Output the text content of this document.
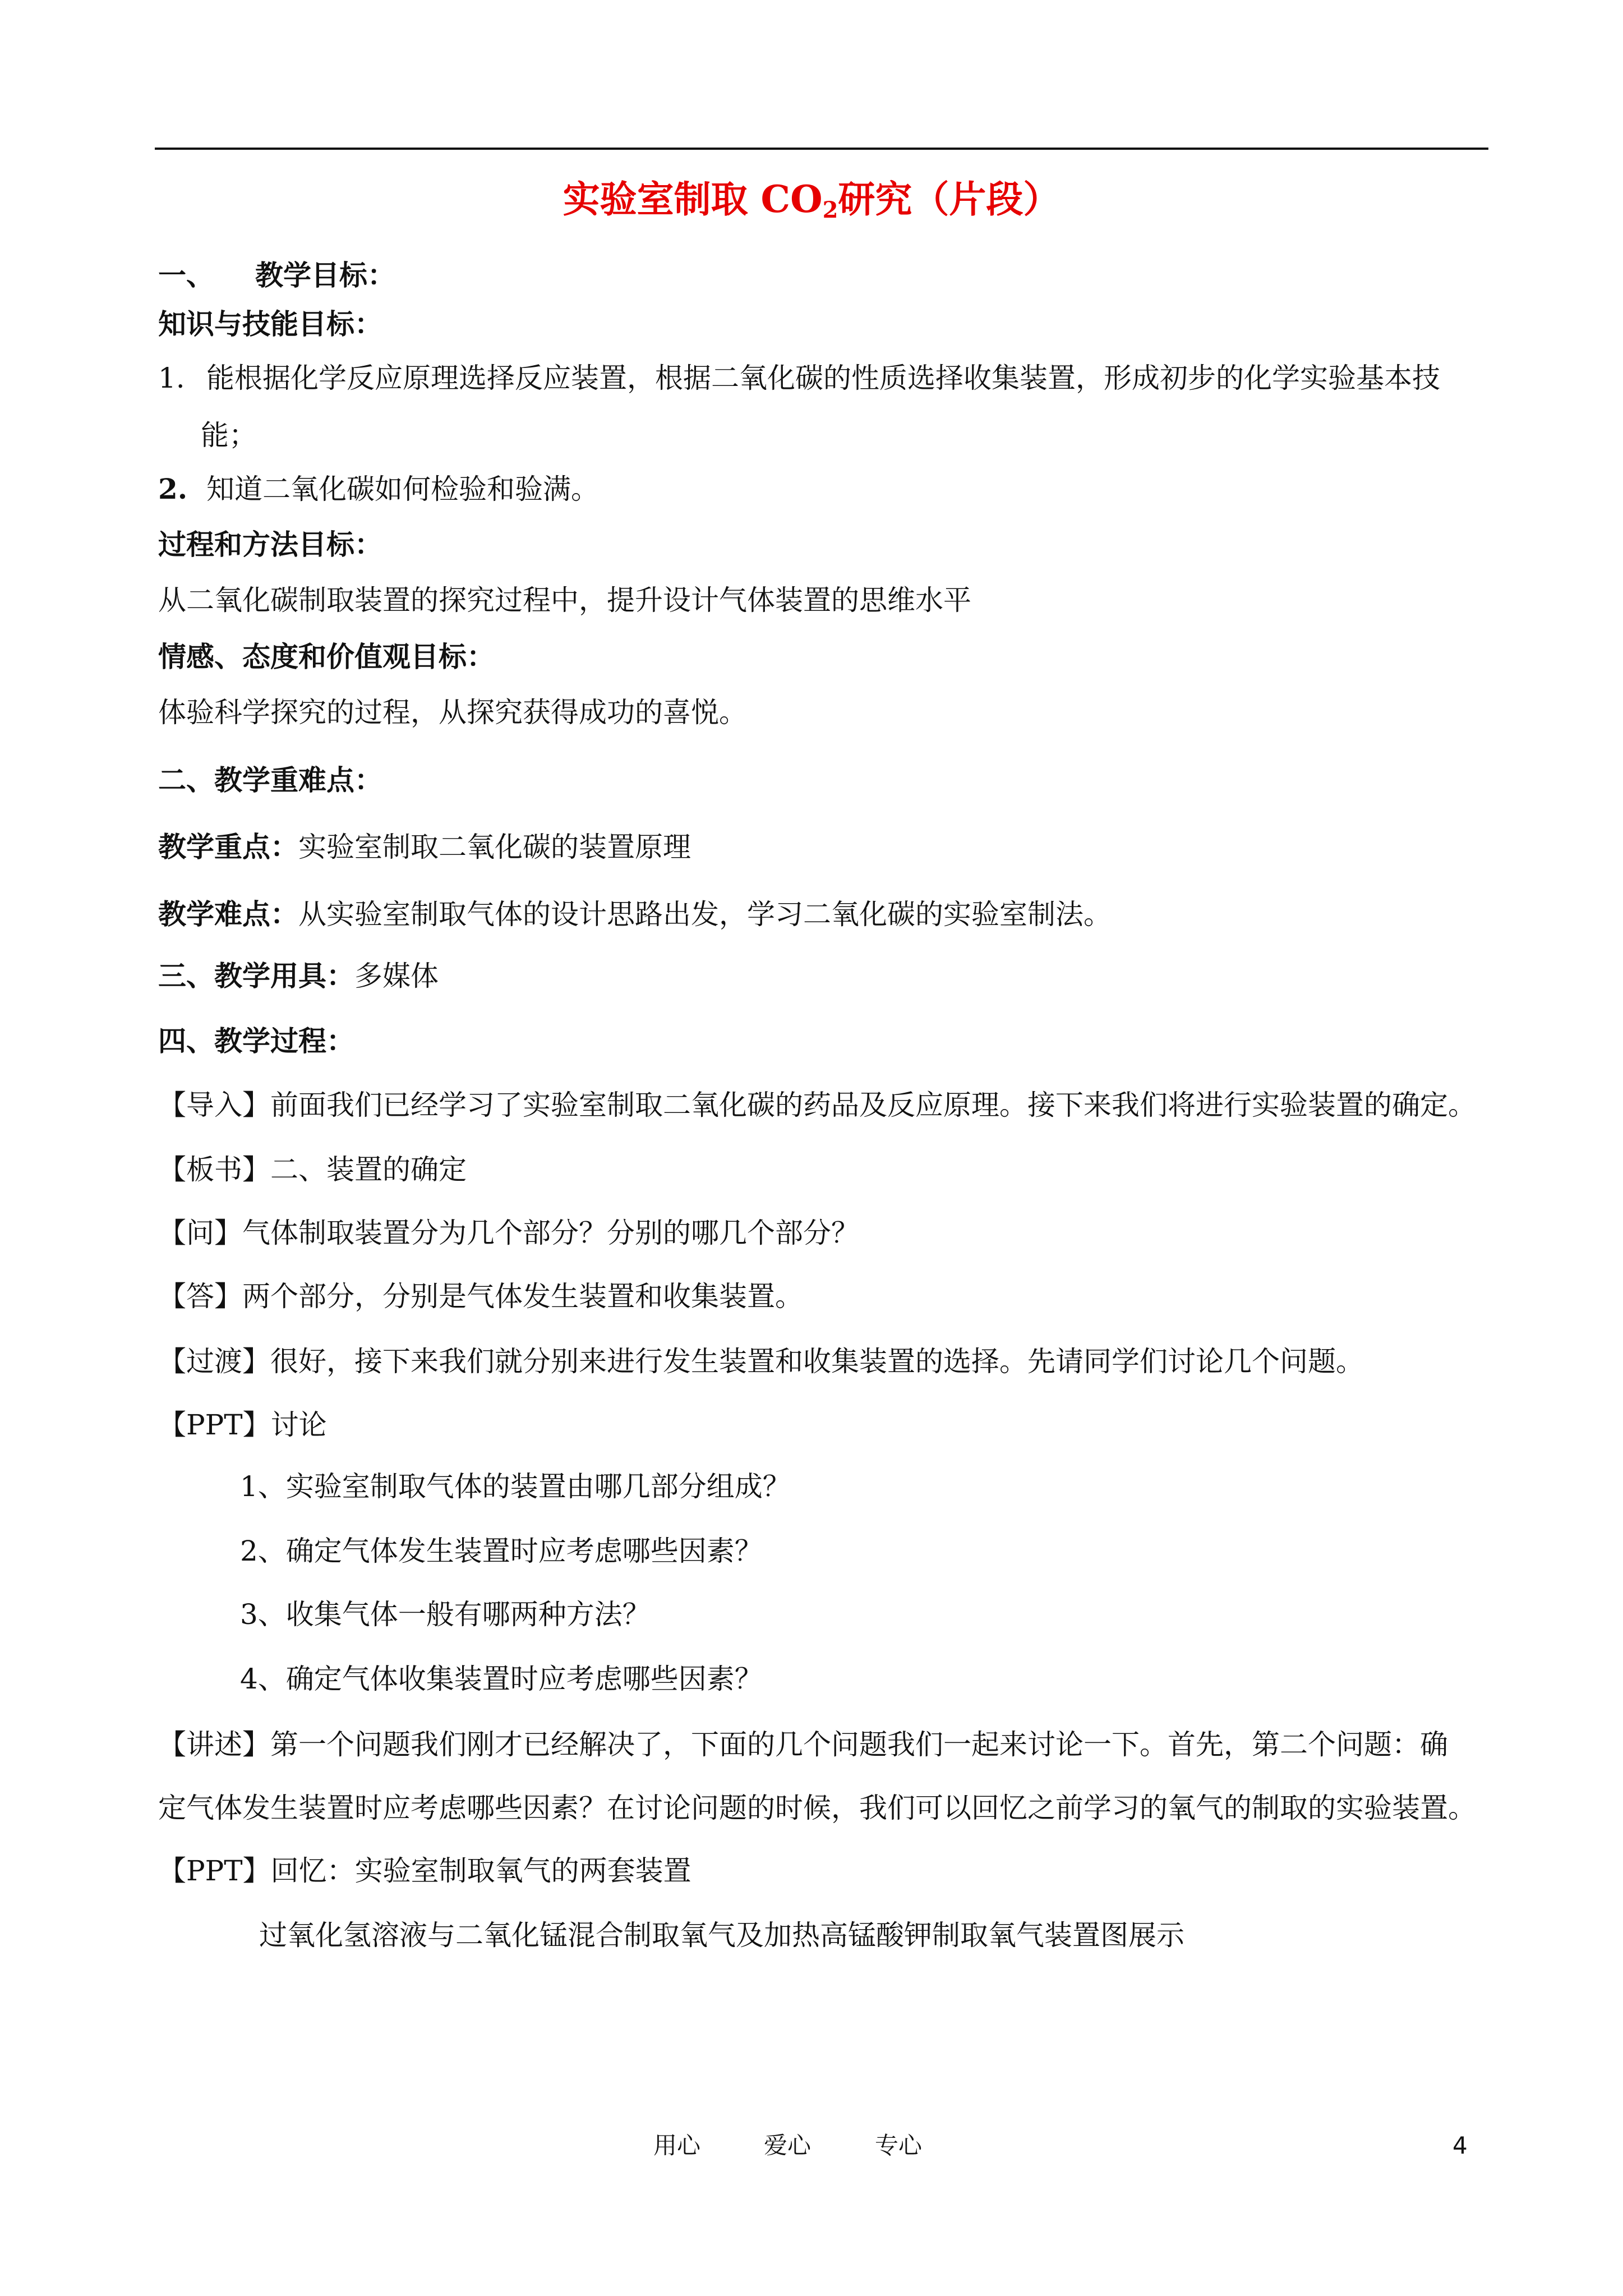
实验室制取 $CO_2$研究（片段）
一、 教学目标：
知识与技能目标：
1. 能根据化学反应原理选择反应装置，根据二氧化碳的性质选择收集装置，形成初步的化学实验基本技
能；
2. 知道二氧化碳如何检验和验满。
过程和方法目标：
从二氧化碳制取装置的探究过程中，提升设计气体装置的思维水平
情感、态度和价值观目标：
体验科学探究的过程，从探究获得成功的喜悦。
二、教学重难点：
教学重点：实验室制取二氧化碳的装置原理
教学难点：从实验室制取气体的设计思路出发，学习二氧化碳的实验室制法。
三、教学用具：多媒体
四、教学过程：
【导入】前面我们已经学习了实验室制取二氧化碳的药品及反应原理。接下来我们将进行实验装置的确定。
【板书】二、装置的确定
【问】气体制取装置分为几个部分？分别的哪几个部分？
【答】两个部分，分别是气体发生装置和收集装置。
【过渡】很好，接下来我们就分别来进行发生装置和收集装置的选择。先请同学们讨论几个问题。
【PPT】讨论
1、实验室制取气体的装置由哪几部分组成？
2、确定气体发生装置时应考虑哪些因素？
3、收集气体一般有哪两种方法？
4、确定气体收集装置时应考虑哪些因素？
【讲述】第一个问题我们刚才已经解决了，下面的几个问题我们一起来讨论一下。首先，第二个问题：确
定气体发生装置时应考虑哪些因素？在讨论问题的时候，我们可以回忆之前学习的氧气的制取的实验装置。
【PPT】回忆：实验室制取氧气的两套装置
过氧化氢溶液与二氧化锰混合制取氧气及加热高锰酸钾制取氧气装置图展示
用心	爱心	专心	4
